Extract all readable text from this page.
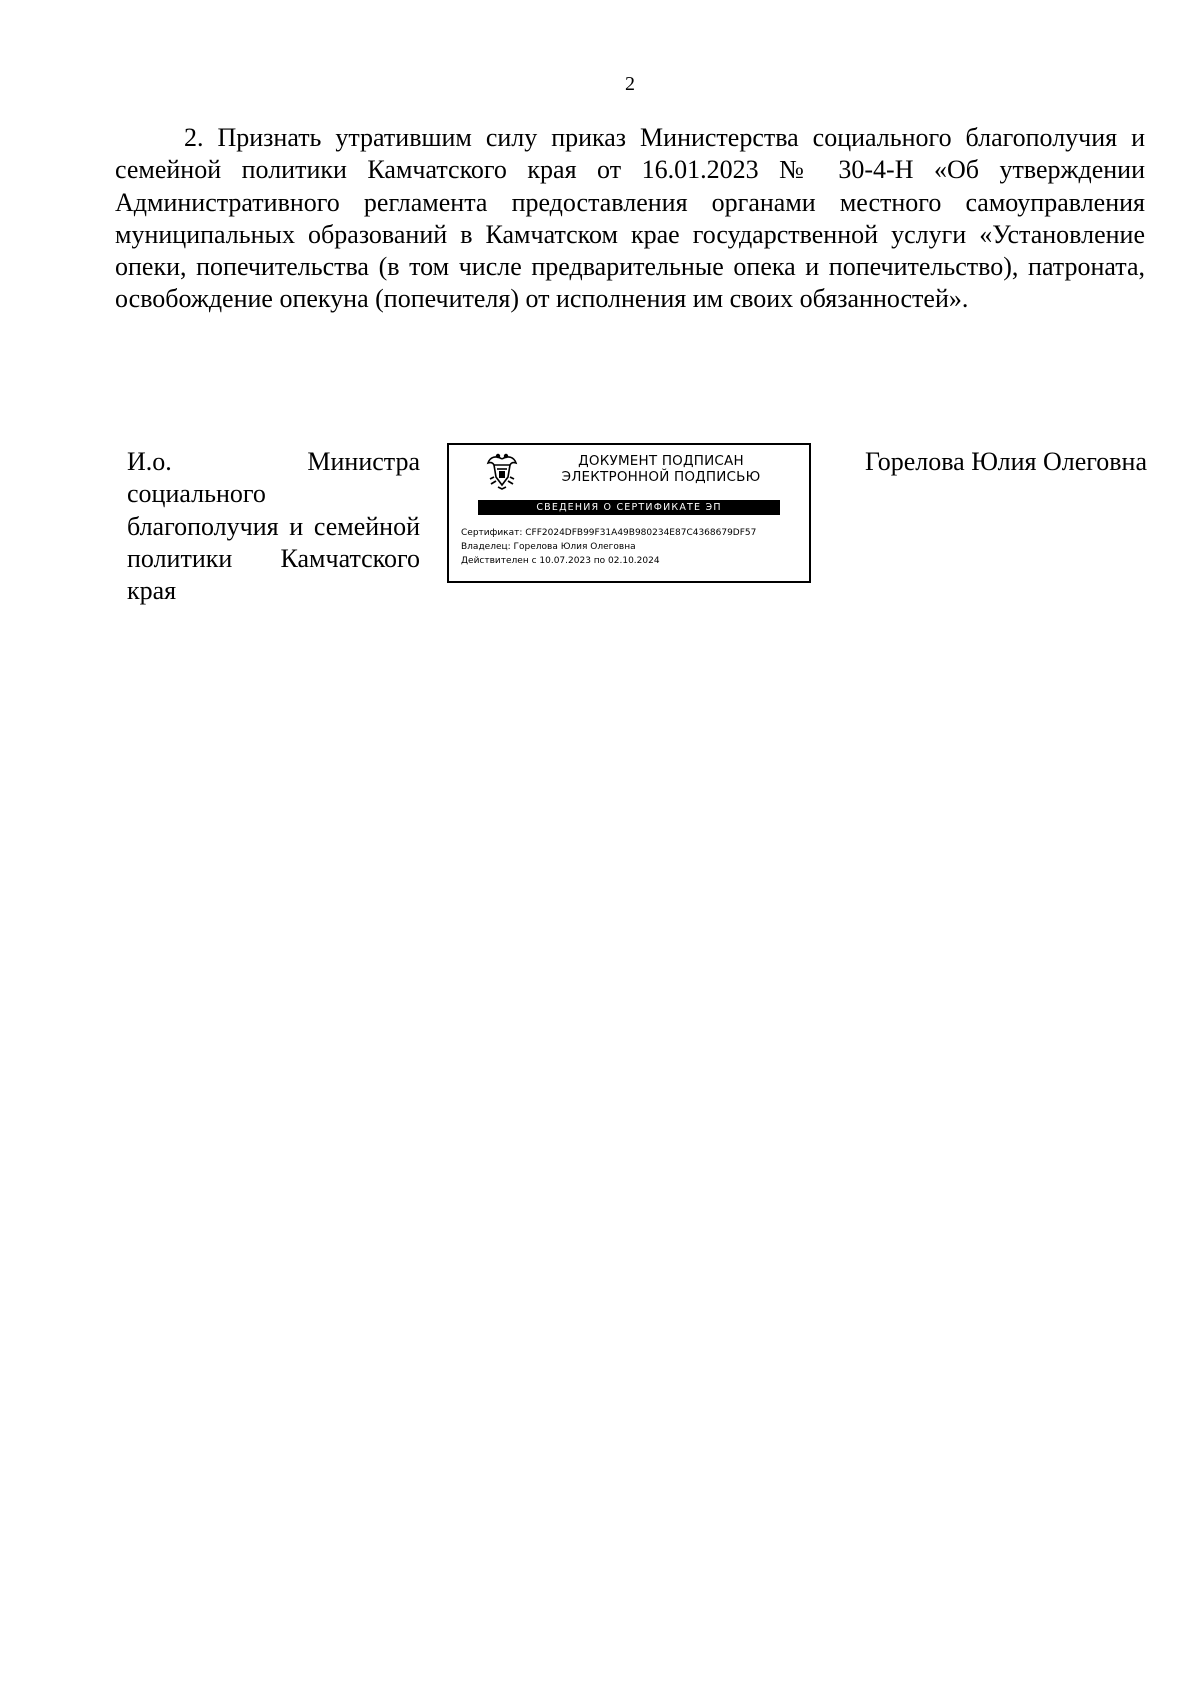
2
2. Признать утратившим силу приказ Министерства социального благополучия и семейной политики Камчатского края от 16.01.2023 № 30-4-Н «Об утверждении Административного регламента предоставления органами местного самоуправления муниципальных образований в Камчатском крае государственной услуги «Установление опеки, попечительства (в том числе предварительные опека и попечительство), патроната, освобождение опекуна (попечителя) от исполнения им своих обязанностей».
И.о. Министра социального благополучия и семейной политики Камчатского края
ДОКУМЕНТ ПОДПИСАН
ЭЛЕКТРОННОЙ ПОДПИСЬЮ
СВЕДЕНИЯ О СЕРТИФИКАТЕ ЭП
Сертификат: CFF2024DFB99F31A49B980234E87C4368679DF57
Владелец: Горелова Юлия Олеговна
Действителен с 10.07.2023 по 02.10.2024
Горелова Юлия Олеговна
